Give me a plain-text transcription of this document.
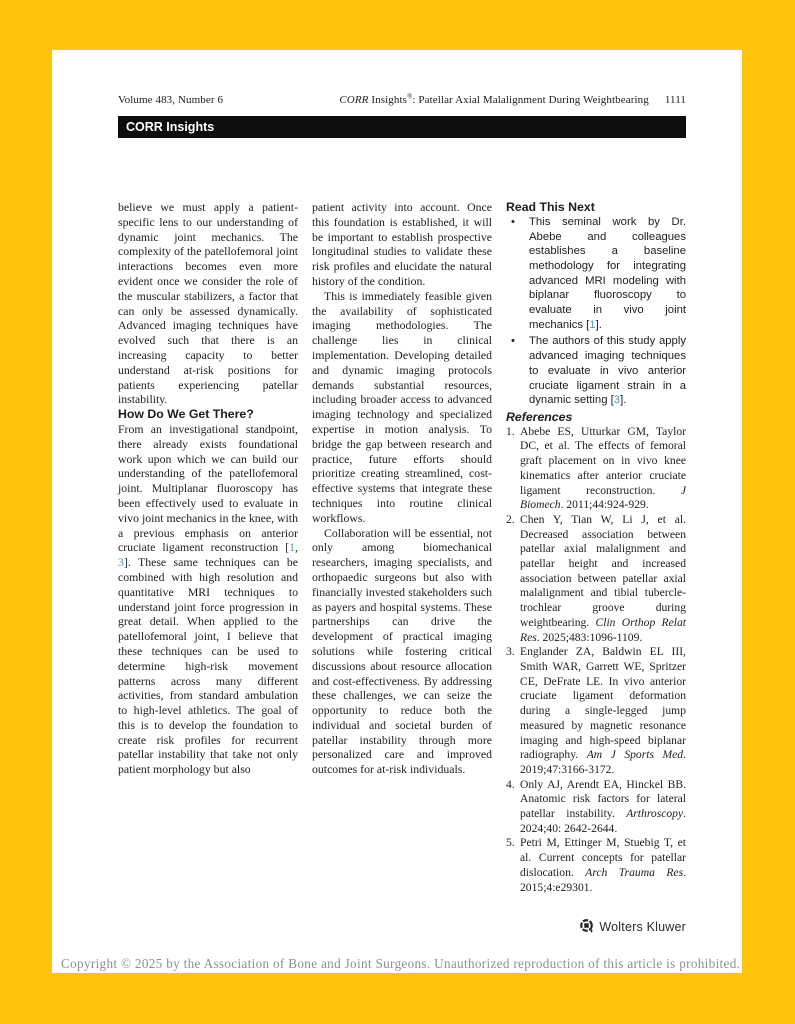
Volume 483, Number 6	CORR Insights®: Patellar Axial Malalignment During Weightbearing 1111
CORR Insights

believe we must apply a patient-specific lens to our understanding of dynamic joint mechanics. The complexity of the patellofemoral joint interactions becomes even more evident once we consider the role of the muscular stabilizers, a factor that can only be assessed dynamically. Advanced imaging techniques have evolved such that there is an increasing capacity to better understand at-risk positions for patients experiencing patellar instability.

How Do We Get There?

From an investigational standpoint, there already exists foundational work upon which we can build our understanding of the patellofemoral joint. Multiplanar fluoroscopy has been effectively used to evaluate in vivo joint mechanics in the knee, with a previous emphasis on anterior cruciate ligament reconstruction [1, 3]. These same techniques can be combined with high resolution and quantitative MRI techniques to understand joint force progression in great detail. When applied to the patellofemoral joint, I believe that these techniques can be used to determine high-risk movement patterns across many different activities, from standard ambulation to high-level athletics. The goal of this is to develop the foundation to create risk profiles for recurrent patellar instability that take not only patient morphology but also

patient activity into account. Once this foundation is established, it will be important to establish prospective longitudinal studies to validate these risk profiles and elucidate the natural history of the condition.

This is immediately feasible given the availability of sophisticated imaging methodologies. The challenge lies in clinical implementation. Developing detailed and dynamic imaging protocols demands substantial resources, including broader access to advanced imaging technology and specialized expertise in motion analysis. To bridge the gap between research and practice, future efforts should prioritize creating streamlined, cost-effective systems that integrate these techniques into routine clinical workflows.

Collaboration will be essential, not only among biomechanical researchers, imaging specialists, and orthopaedic surgeons but also with financially invested stakeholders such as payers and hospital systems. These partnerships can drive the development of practical imaging solutions while fostering critical discussions about resource allocation and cost-effectiveness. By addressing these challenges, we can seize the opportunity to reduce both the individual and societal burden of patellar instability through more personalized care and improved outcomes for at-risk individuals.

Read This Next

•	This seminal work by Dr. Abebe and colleagues establishes a baseline methodology for integrating advanced MRI modeling with biplanar fluoroscopy to evaluate in vivo joint mechanics [1].
•	The authors of this study apply advanced imaging techniques to evaluate in vivo anterior cruciate ligament strain in a dynamic setting [3].

References

1. Abebe ES, Utturkar GM, Taylor DC, et al. The effects of femoral graft placement on in vivo knee kinematics after anterior cruciate ligament reconstruction. J Biomech. 2011;44:924-929.
2. Chen Y, Tian W, Li J, et al. Decreased association between patellar axial malalignment and patellar height and increased association between patellar axial malalignment and tibial tubercle-trochlear groove during weightbearing. Clin Orthop Relat Res. 2025;483:1096-1109.
3. Englander ZA, Baldwin EL III, Smith WAR, Garrett WE, Spritzer CE, DeFrate LE. In vivo anterior cruciate ligament deformation during a single-legged jump measured by magnetic resonance imaging and high-speed biplanar radiography. Am J Sports Med. 2019;47:3166-3172.
4. Only AJ, Arendt EA, Hinckel BB. Anatomic risk factors for lateral patellar instability. Arthroscopy. 2024;40: 2642-2644.
5. Petri M, Ettinger M, Stuebig T, et al. Current concepts for patellar dislocation. Arch Trauma Res. 2015;4:e29301.
Wolters Kluwer
Copyright © 2025 by the Association of Bone and Joint Surgeons. Unauthorized reproduction of this article is prohibited.
